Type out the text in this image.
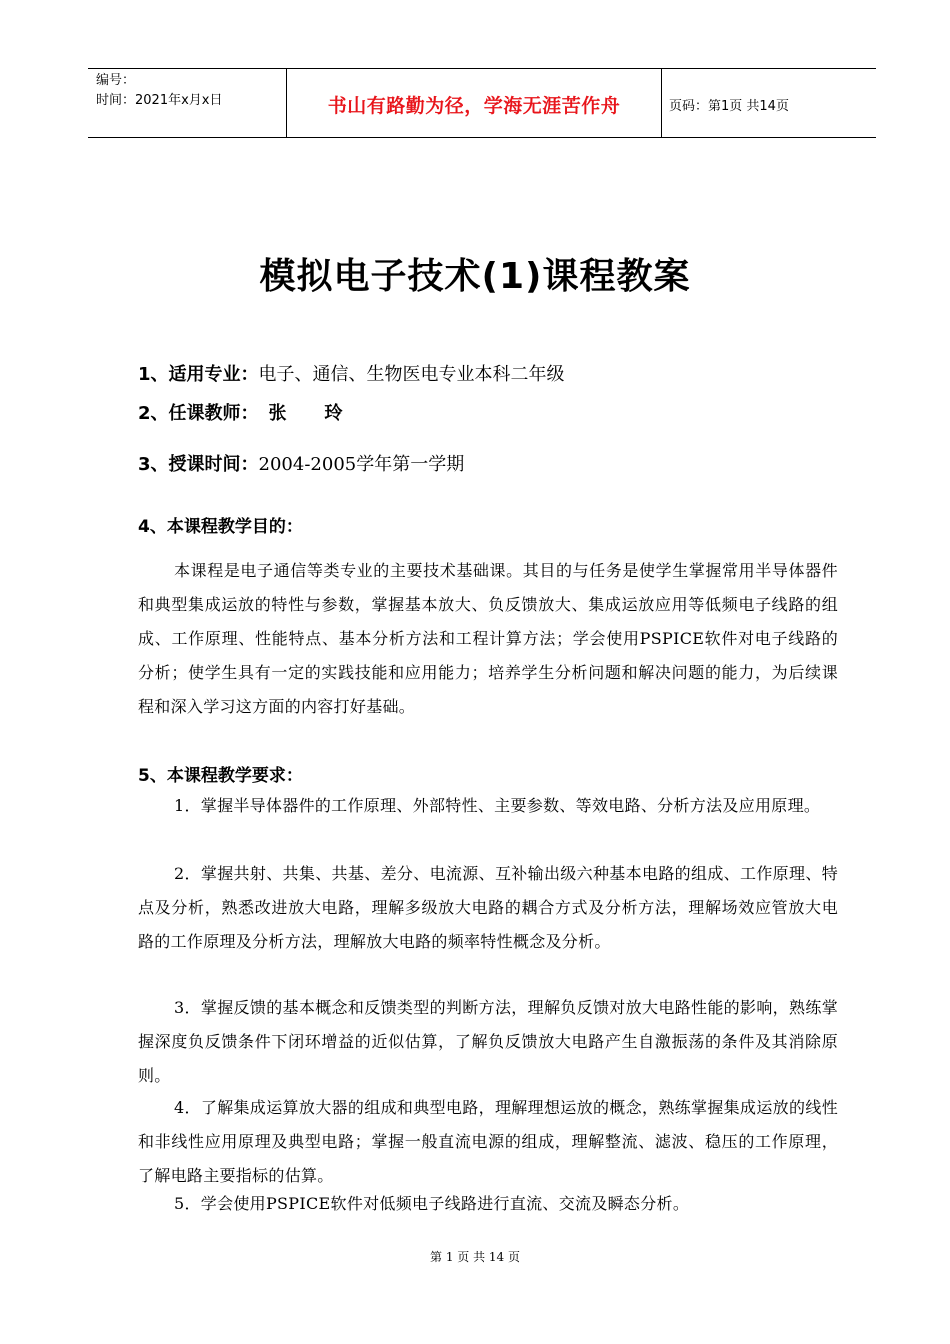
编号：
时间：2021年x月x日	书山有路勤为径，学海无涯苦作舟	页码：第1页 共14页
模拟电子技术(1)课程教案
1、适用专业：电子、通信、生物医电专业本科二年级
2、任课教师： 张玲
3、授课时间：2004-2005学年第一学期
4、本课程教学目的：

本课程是电子通信等类专业的主要技术基础课。其目的与任务是使学生掌握常用半导体器件和典型集成运放的特性与参数，掌握基本放大、负反馈放大、集成运放应用等低频电子线路的组成、工作原理、性能特点、基本分析方法和工程计算方法；学会使用PSPICE软件对电子线路的分析；使学生具有一定的实践技能和应用能力；培养学生分析问题和解决问题的能力，为后续课程和深入学习这方面的内容打好基础。

5、本课程教学要求：

1．掌握半导体器件的工作原理、外部特性、主要参数、等效电路、分析方法及应用原理。

2．掌握共射、共集、共基、差分、电流源、互补输出级六种基本电路的组成、工作原理、特点及分析，熟悉改进放大电路，理解多级放大电路的耦合方式及分析方法，理解场效应管放大电路的工作原理及分析方法，理解放大电路的频率特性概念及分析。

3．掌握反馈的基本概念和反馈类型的判断方法，理解负反馈对放大电路性能的影响，熟练掌握深度负反馈条件下闭环增益的近似估算，了解负反馈放大电路产生自激振荡的条件及其消除原则。

4．了解集成运算放大器的组成和典型电路，理解理想运放的概念，熟练掌握集成运放的线性和非线性应用原理及典型电路；掌握一般直流电源的组成，理解整流、滤波、稳压的工作原理，了解电路主要指标的估算。

5．学会使用PSPICE软件对低频电子线路进行直流、交流及瞬态分析。

第 1 页 共 14 页
